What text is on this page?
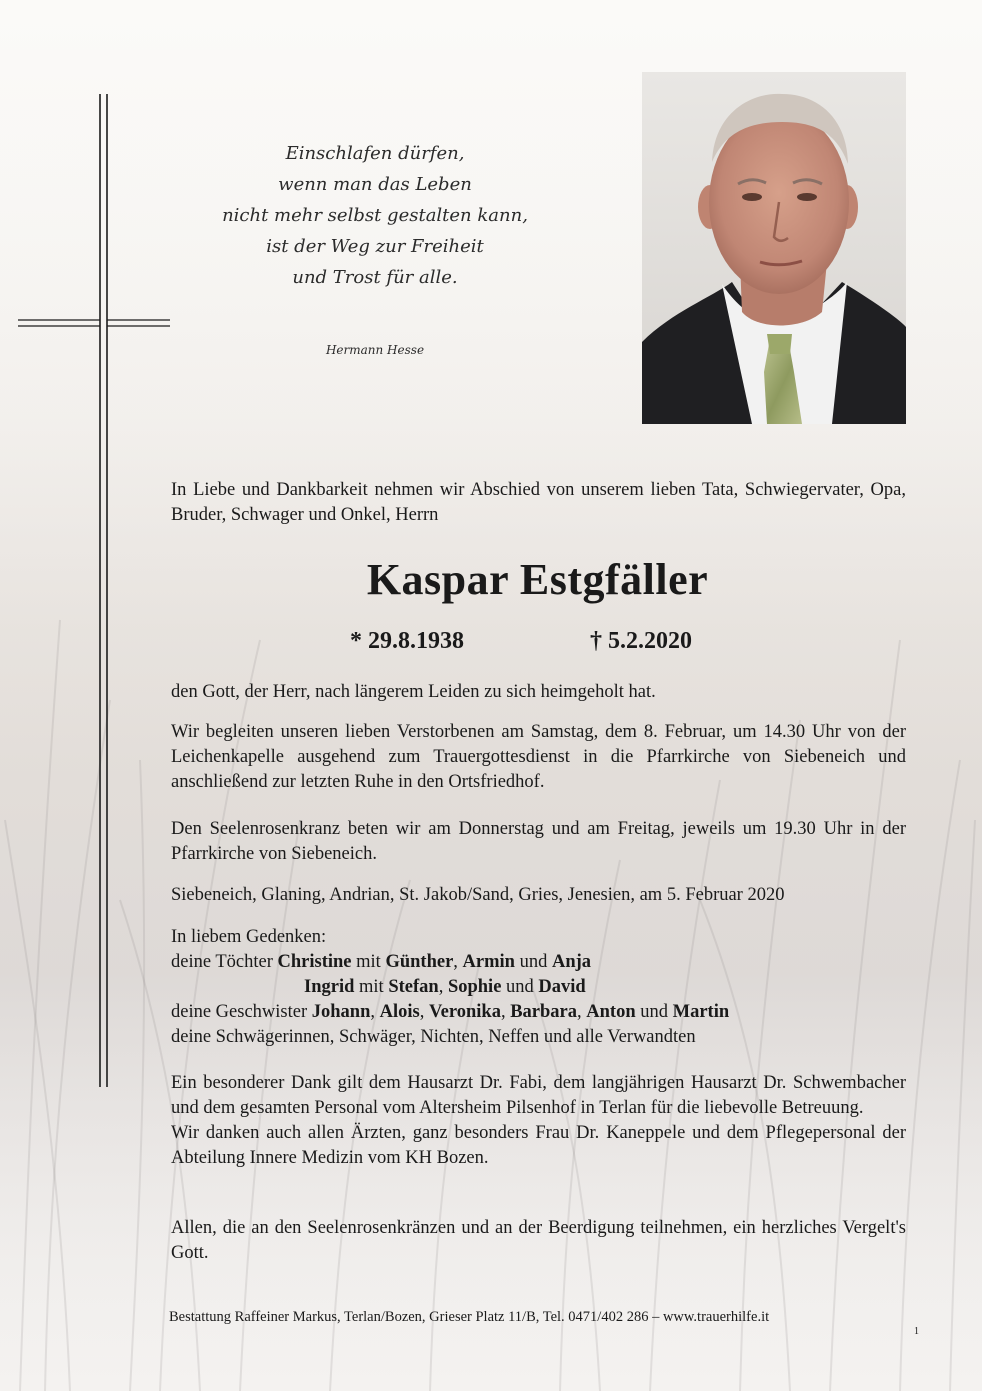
Einschlafen dürfen,
wenn man das Leben
nicht mehr selbst gestalten kann,
ist der Weg zur Freiheit
und Trost für alle.
Hermann Hesse
In Liebe und Dankbarkeit nehmen wir Abschied von unserem lieben Tata, Schwiegervater, Opa, Bruder, Schwager und Onkel, Herrn
Kaspar Estgfäller
* 29.8.1938	† 5.2.2020

den Gott, der Herr, nach längerem Leiden zu sich heimgeholt hat.

Wir begleiten unseren lieben Verstorbenen am Samstag, dem 8. Februar, um 14.30 Uhr von der Leichenkapelle ausgehend zum Trauergottesdienst in die Pfarrkirche von Siebeneich und anschließend zur letzten Ruhe in den Ortsfriedhof.

Den Seelenrosenkranz beten wir am Donnerstag und am Freitag, jeweils um 19.30 Uhr in der Pfarrkirche von Siebeneich.

Siebeneich, Glaning, Andrian, St. Jakob/Sand, Gries, Jenesien, am 5. Februar 2020

In liebem Gedenken:
deine Töchter Christine mit Günther, Armin und Anja
Ingrid mit Stefan, Sophie und David
deine Geschwister Johann, Alois, Veronika, Barbara, Anton und Martin
deine Schwägerinnen, Schwäger, Nichten, Neffen und alle Verwandten

Ein besonderer Dank gilt dem Hausarzt Dr. Fabi, dem langjährigen Hausarzt Dr. Schwembacher und dem gesamten Personal vom Altersheim Pilsenhof in Terlan für die liebevolle Betreuung.

Wir danken auch allen Ärzten, ganz besonders Frau Dr. Kaneppele und dem Pflegepersonal der Abteilung Innere Medizin vom KH Bozen.

Allen, die an den Seelenrosenkränzen und an der Beerdigung teilnehmen, ein herzliches Vergelt's Gott.

Bestattung Raffeiner Markus, Terlan/Bozen, Grieser Platz 11/B, Tel. 0471/402 286 – www.trauerhilfe.it
1
